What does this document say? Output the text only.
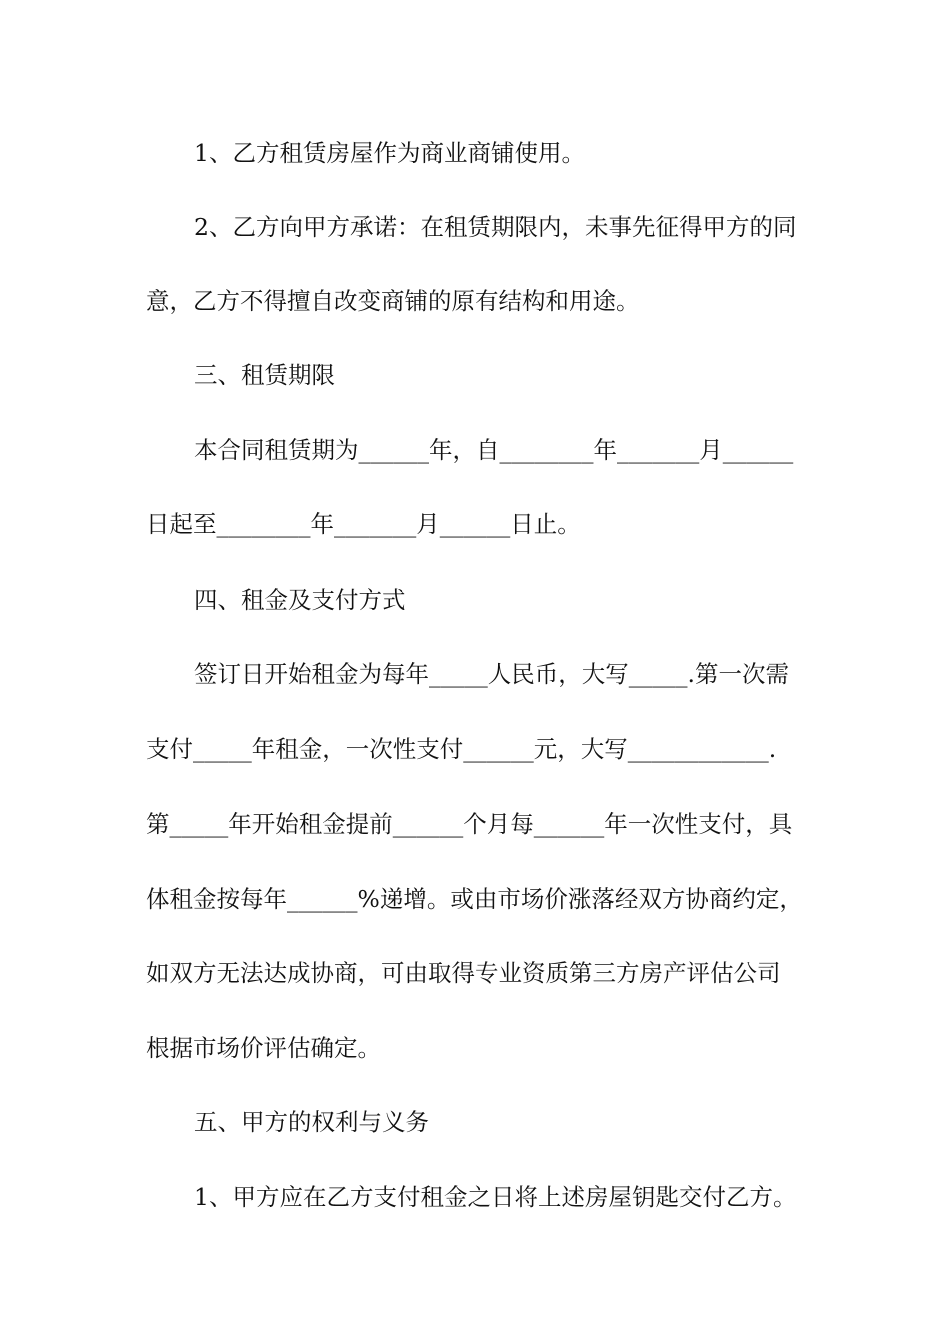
1、乙方租赁房屋作为商业商铺使用。
2、乙方向甲方承诺：在租赁期限内，未事先征得甲方的同
意，乙方不得擅自改变商铺的原有结构和用途。
三、租赁期限
本合同租赁期为______年，自________年_______月______
日起至________年_______月______日止。
四、租金及支付方式
签订日开始租金为每年_____人民币，大写_____.第一次需
支付_____年租金，一次性支付______元，大写____________.
第_____年开始租金提前______个月每______年一次性支付，具
体租金按每年______%递增。或由市场价涨落经双方协商约定，
如双方无法达成协商，可由取得专业资质第三方房产评估公司
根据市场价评估确定。
五、甲方的权利与义务
1、甲方应在乙方支付租金之日将上述房屋钥匙交付乙方。
